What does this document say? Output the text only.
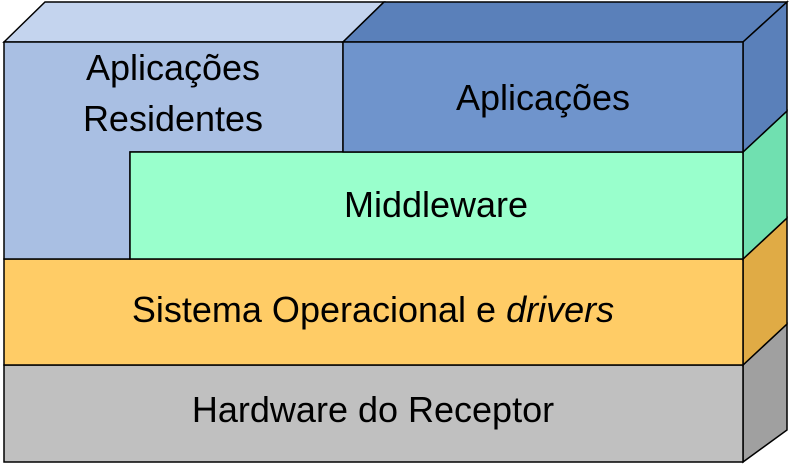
Hardware do Receptor
Sistema Operacional e drivers
Aplicações
Residentes
Middleware
Aplicações
